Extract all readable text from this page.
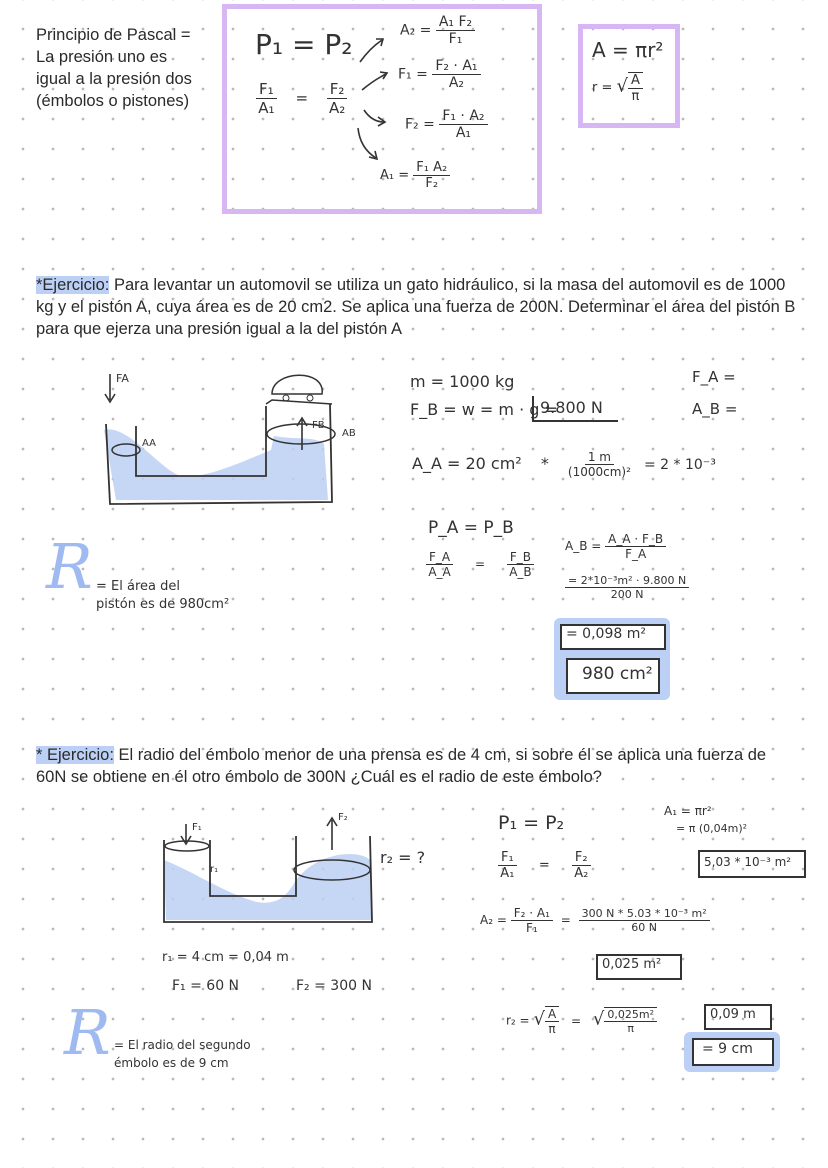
Principio de Pascal =
La presión uno es
igual a la presión dos
(émbolos o pistones)
P₁ = P₂
$\frac{\text{F₁}}{\text{A₁}} = \frac{\text{F₂}}{\text{A₂}}$
$A_2 = \frac{\text{A₁ F₂}}{\text{F₁}}$
$F_1 = \frac{\text{F₂ · A₁}}{\text{A₂}}$
$F_2 = \frac{\text{F₁ · A₂}}{\text{A₁}}$
$A_1 = \frac{\text{F₁ A₂}}{\text{F₂}}$
A = πr²
r = √ $\frac{A}{\pi}$
*Ejercicio: Para levantar un automovil se utiliza un gato hidráulico, si la masa del automovil es de 1000 kg y el pistón A, cuya área es de 20 cm2. Se aplica una fuerza de 200N. Determinar el área del pistón B para que ejerza una presión igual a la del pistón A
FA
AA
FB
AB
m = 1000 kg
F_B = w = m · g =
9.800 N
F_A =
A_B =
A_A = 20 $cm^2 * \frac{1 m}{\text{(1000cm)²}} = 2 * 10^{-3}$
P_A = P_B
$\frac{F\_A}{A\_A} = \frac{F\_B}{A\_B}$
A_B = $\frac{A\_A \cdot F\_B}{F\_A}$
$\frac{\text{= 2*10⁻³m² · 9.800 N}}{200 N}$
= 0,098 m²
980 cm²
R = El área del
pistón es de 980cm²
* Ejercicio: El radio del émbolo menor de una prensa es de 4 cm, si sobre él se aplica una fuerza de 60N se obtiene en él otro émbolo de 300N ¿Cuál es el radio de este émbolo?
F₁
r₁
F₂
r₂ = ?
r₁ = 4 cm = 0,04 m
F₁ = 60 N	F₂ = 300 N
P₁ = P₂
$\frac{\text{F₁}}{\text{A₁}} = \frac{\text{F₂}}{\text{A₂}}$
A₁ = πr²
= π (0,04m)²
5,03 * 10⁻³ m²
$A_2 = \frac{\text{F₂ · A₁}}{\text{F₁}} = \frac{\text{300 N * 5.03 * 10⁻³ m²}}{60 N}$
0,025 m²
r₂ = √ $\frac{A}{\pi}$ = √ $\frac{\text{0,025m²}}{\pi}$	0,09 m
= 9 cm
R = El radio del segundo
émbolo es de 9 cm
